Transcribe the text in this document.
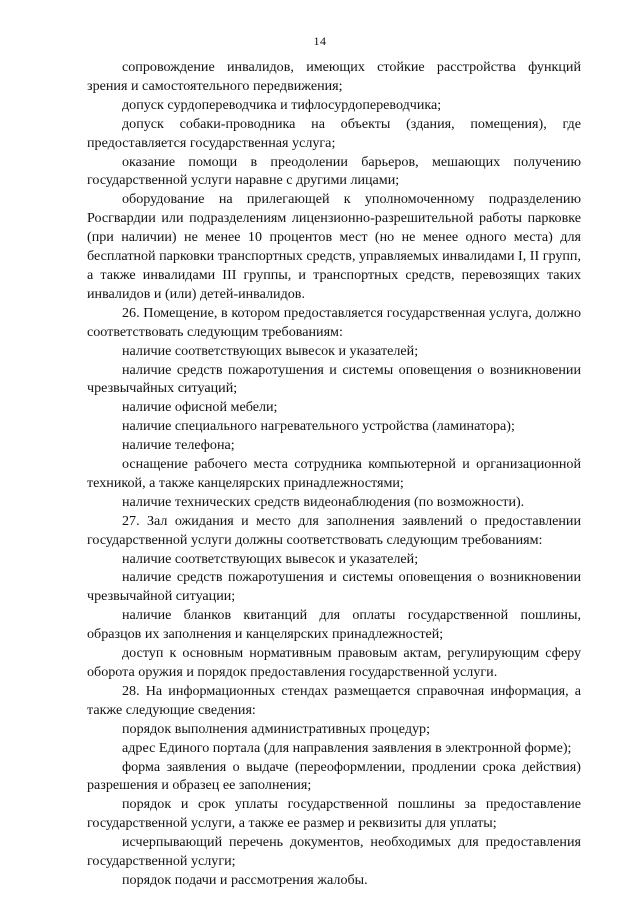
14

сопровождение инвалидов, имеющих стойкие расстройства функций зрения и самостоятельного передвижения;

допуск сурдопереводчика и тифлосурдопереводчика;

допуск собаки-проводника на объекты (здания, помещения), где предоставляется государственная услуга;

оказание помощи в преодолении барьеров, мешающих получению государственной услуги наравне с другими лицами;

оборудование на прилегающей к уполномоченному подразделению Росгвардии или подразделениям лицензионно-разрешительной работы парковке (при наличии) не менее 10 процентов мест (но не менее одного места) для бесплатной парковки транспортных средств, управляемых инвалидами I, II групп, а также инвалидами III группы, и транспортных средств, перевозящих таких инвалидов и (или) детей-инвалидов.

26. Помещение, в котором предоставляется государственная услуга, должно соответствовать следующим требованиям:

наличие соответствующих вывесок и указателей;

наличие средств пожаротушения и системы оповещения о возникновении чрезвычайных ситуаций;

наличие офисной мебели;

наличие специального нагревательного устройства (ламинатора);

наличие телефона;

оснащение рабочего места сотрудника компьютерной и организационной техникой, а также канцелярских принадлежностями;

наличие технических средств видеонаблюдения (по возможности).

27. Зал ожидания и место для заполнения заявлений о предоставлении государственной услуги должны соответствовать следующим требованиям:

наличие соответствующих вывесок и указателей;

наличие средств пожаротушения и системы оповещения о возникновении чрезвычайной ситуации;

наличие бланков квитанций для оплаты государственной пошлины, образцов их заполнения и канцелярских принадлежностей;

доступ к основным нормативным правовым актам, регулирующим сферу оборота оружия и порядок предоставления государственной услуги.

28. На информационных стендах размещается справочная информация, а также следующие сведения:

порядок выполнения административных процедур;

адрес Единого портала (для направления заявления в электронной форме);

форма заявления о выдаче (переоформлении, продлении срока действия) разрешения и образец ее заполнения;

порядок и срок уплаты государственной пошлины за предоставление государственной услуги, а также ее размер и реквизиты для уплаты;

исчерпывающий перечень документов, необходимых для предоставления государственной услуги;

порядок подачи и рассмотрения жалобы.
